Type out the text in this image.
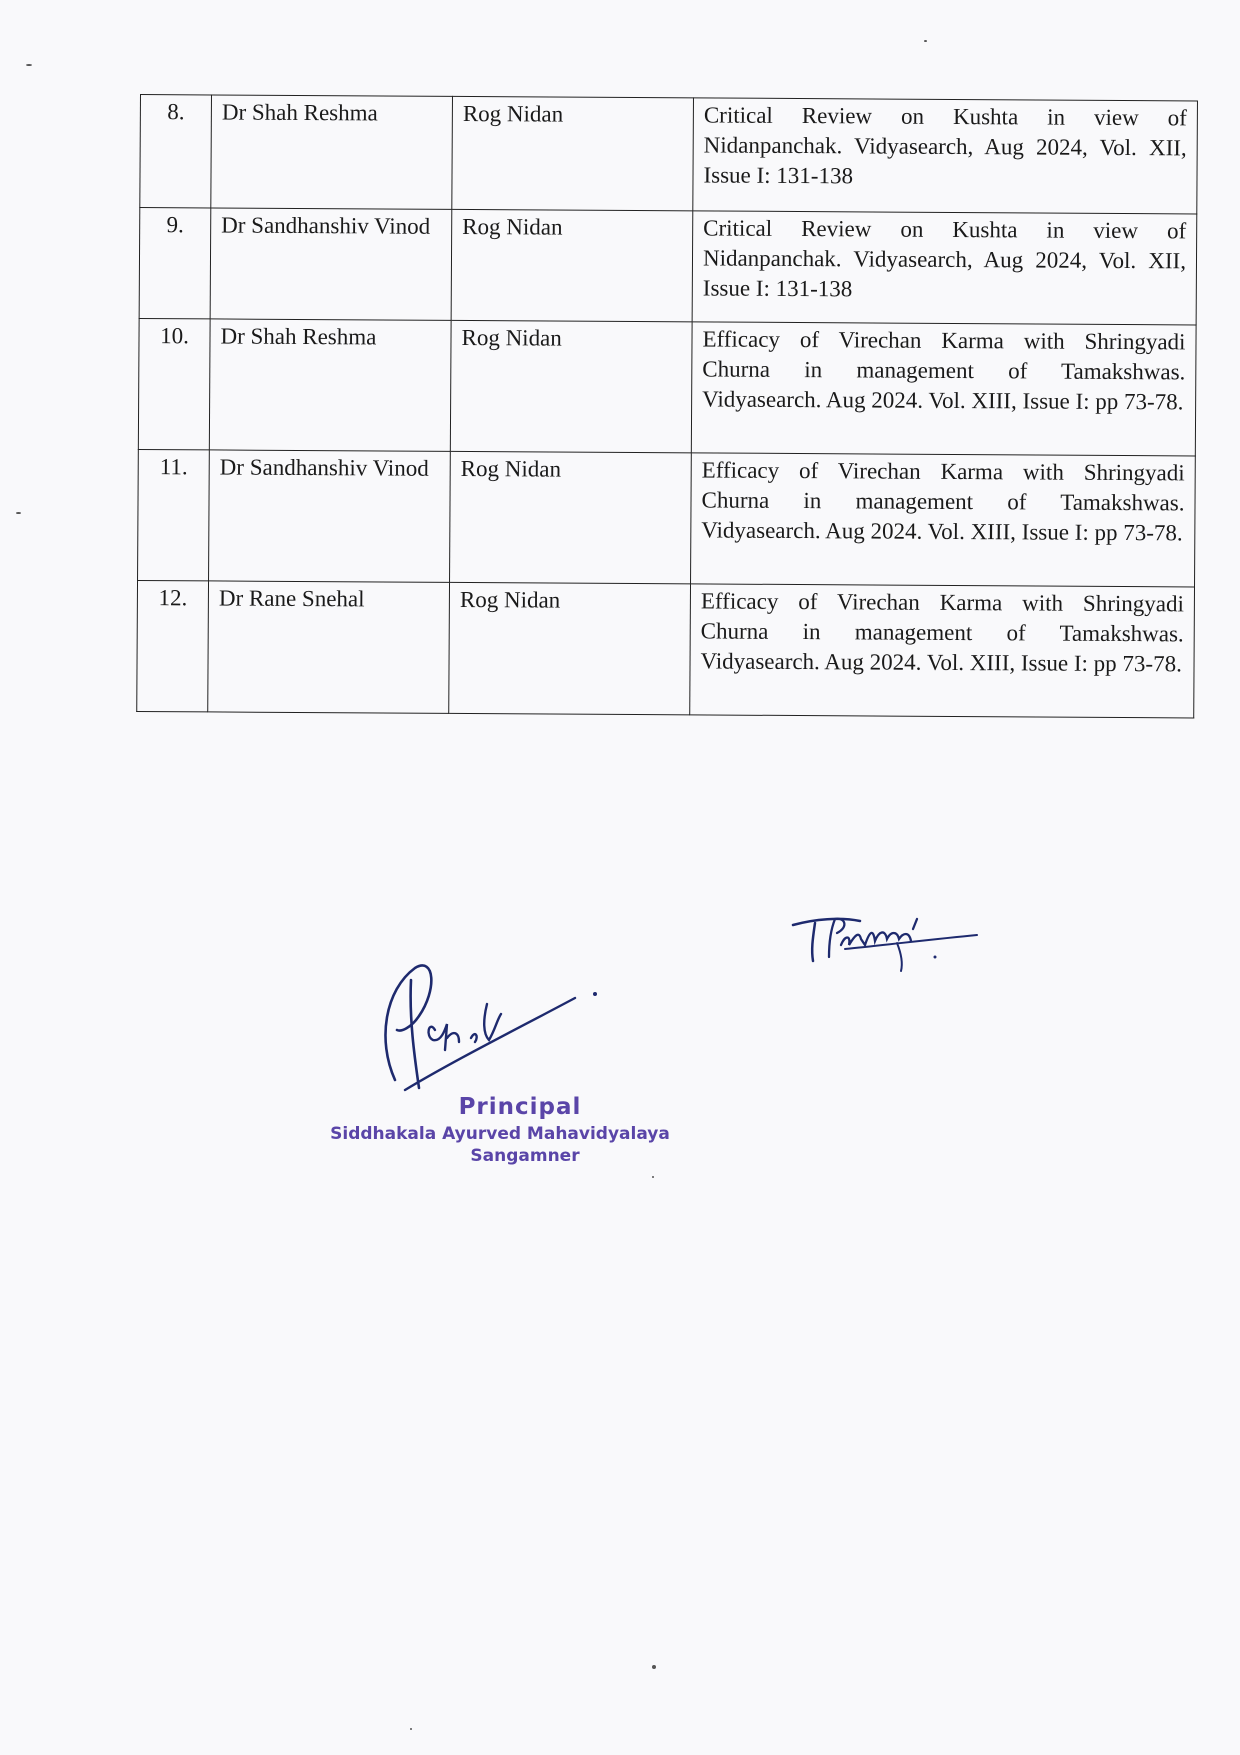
8.	Dr Shah Reshma	Rog Nidan	Critical Review on Kushta in view of Nidanpanchak. Vidyasearch, Aug 2024, Vol. XII, Issue I: 131-138
9.	Dr Sandhanshiv Vinod	Rog Nidan	Critical Review on Kushta in view of Nidanpanchak. Vidyasearch, Aug 2024, Vol. XII, Issue I: 131-138
10.	Dr Shah Reshma	Rog Nidan	Efficacy of Virechan Karma with Shringyadi Churna in management of Tamakshwas. Vidyasearch. Aug 2024. Vol. XIII, Issue I: pp 73-78.
11.	Dr Sandhanshiv Vinod	Rog Nidan	Efficacy of Virechan Karma with Shringyadi Churna in management of Tamakshwas. Vidyasearch. Aug 2024. Vol. XIII, Issue I: pp 73-78.
12.	Dr Rane Snehal	Rog Nidan	Efficacy of Virechan Karma with Shringyadi Churna in management of Tamakshwas. Vidyasearch. Aug 2024. Vol. XIII, Issue I: pp 73-78.
Principal
Siddhakala Ayurved Mahavidyalaya
Sangamner
